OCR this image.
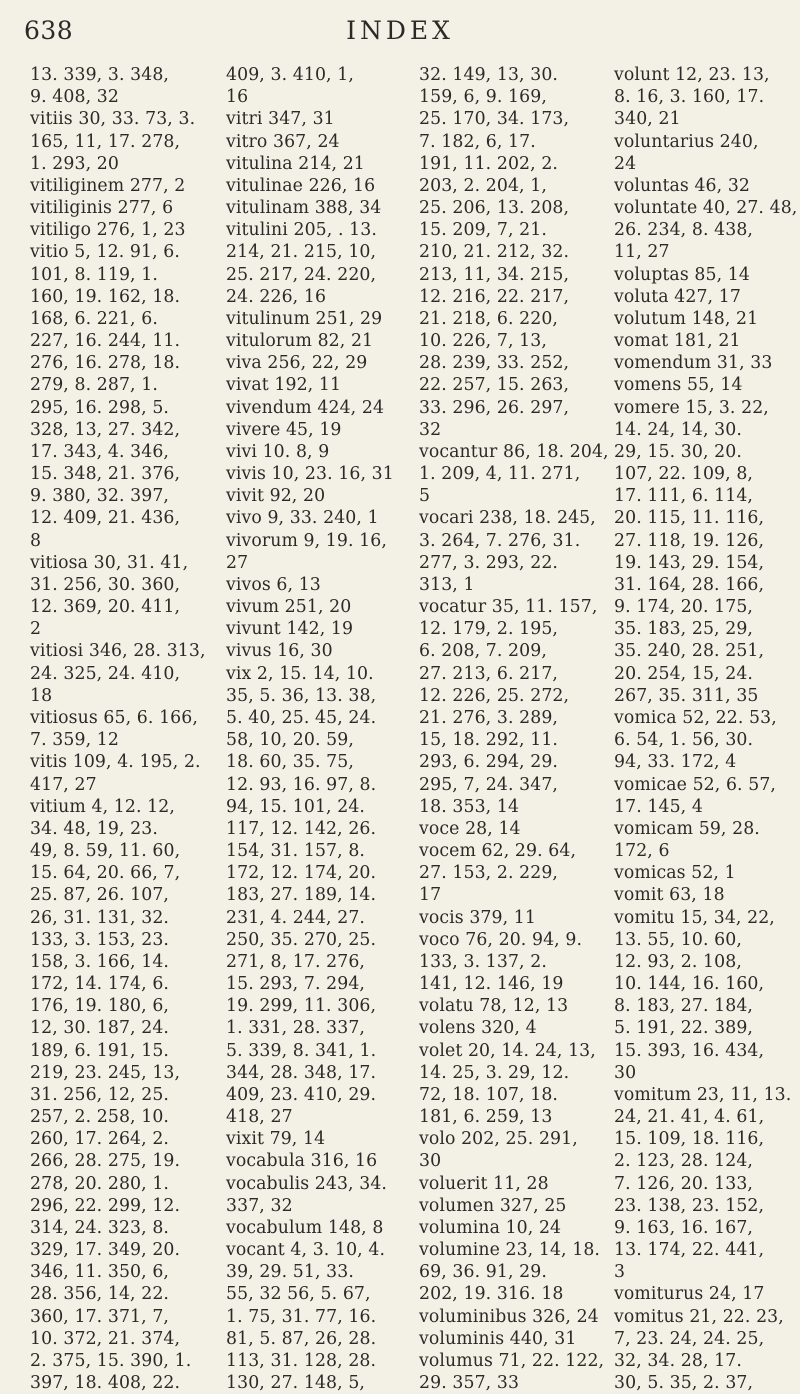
638	INDEX
13. 339, 3. 348,
9. 408, 32
vitiis 30, 33. 73, 3.
165, 11, 17. 278,
1. 293, 20
vitiliginem 277, 2
vitiliginis 277, 6
vitiligo 276, 1, 23
vitio 5, 12. 91, 6.
101, 8. 119, 1.
160, 19. 162, 18.
168, 6. 221, 6.
227, 16. 244, 11.
276, 16. 278, 18.
279, 8. 287, 1.
295, 16. 298, 5.
328, 13, 27. 342,
17. 343, 4. 346,
15. 348, 21. 376,
9. 380, 32. 397,
12. 409, 21. 436,
8
vitiosa 30, 31. 41,
31. 256, 30. 360,
12. 369, 20. 411,
2
vitiosi 346, 28. 313,
24. 325, 24. 410,
18
vitiosus 65, 6. 166,
7. 359, 12
vitis 109, 4. 195, 2.
417, 27
vitium 4, 12. 12,
34. 48, 19, 23.
49, 8. 59, 11. 60,
15. 64, 20. 66, 7,
25. 87, 26. 107,
26, 31. 131, 32.
133, 3. 153, 23.
158, 3. 166, 14.
172, 14. 174, 6.
176, 19. 180, 6,
12, 30. 187, 24.
189, 6. 191, 15.
219, 23. 245, 13,
31. 256, 12, 25.
257, 2. 258, 10.
260, 17. 264, 2.
266, 28. 275, 19.
278, 20. 280, 1.
296, 22. 299, 12.
314, 24. 323, 8.
329, 17. 349, 20.
346, 11. 350, 6,
28. 356, 14, 22.
360, 17. 371, 7,
10. 372, 21. 374,
2. 375, 15. 390, 1.
397, 18. 408, 22.
409, 3. 410, 1,
16
vitri 347, 31
vitro 367, 24
vitulina 214, 21
vitulinae 226, 16
vitulinam 388, 34
vitulini 205, . 13.
214, 21. 215, 10,
25. 217, 24. 220,
24. 226, 16
vitulinum 251, 29
vitulorum 82, 21
viva 256, 22, 29
vivat 192, 11
vivendum 424, 24
vivere 45, 19
vivi 10. 8, 9
vivis 10, 23. 16, 31
vivit 92, 20
vivo 9, 33. 240, 1
vivorum 9, 19. 16,
27
vivos 6, 13
vivum 251, 20
vivunt 142, 19
vivus 16, 30
vix 2, 15. 14, 10.
35, 5. 36, 13. 38,
5. 40, 25. 45, 24.
58, 10, 20. 59,
18. 60, 35. 75,
12. 93, 16. 97, 8.
94, 15. 101, 24.
117, 12. 142, 26.
154, 31. 157, 8.
172, 12. 174, 20.
183, 27. 189, 14.
231, 4. 244, 27.
250, 35. 270, 25.
271, 8, 17. 276,
15. 293, 7. 294,
19. 299, 11. 306,
1. 331, 28. 337,
5. 339, 8. 341, 1.
344, 28. 348, 17.
409, 23. 410, 29.
418, 27
vixit 79, 14
vocabula 316, 16
vocabulis 243, 34.
337, 32
vocabulum 148, 8
vocant 4, 3. 10, 4.
39, 29. 51, 33.
55, 32 56, 5. 67,
1. 75, 31. 77, 16.
81, 5. 87, 26, 28.
113, 31. 128, 28.
130, 27. 148, 5,
32. 149, 13, 30.
159, 6, 9. 169,
25. 170, 34. 173,
7. 182, 6, 17.
191, 11. 202, 2.
203, 2. 204, 1,
25. 206, 13. 208,
15. 209, 7, 21.
210, 21. 212, 32.
213, 11, 34. 215,
12. 216, 22. 217,
21. 218, 6. 220,
10. 226, 7, 13,
28. 239, 33. 252,
22. 257, 15. 263,
33. 296, 26. 297,
32
vocantur 86, 18. 204,
1. 209, 4, 11. 271,
5
vocari 238, 18. 245,
3. 264, 7. 276, 31.
277, 3. 293, 22.
313, 1
vocatur 35, 11. 157,
12. 179, 2. 195,
6. 208, 7. 209,
27. 213, 6. 217,
12. 226, 25. 272,
21. 276, 3. 289,
15, 18. 292, 11.
293, 6. 294, 29.
295, 7, 24. 347,
18. 353, 14
voce 28, 14
vocem 62, 29. 64,
27. 153, 2. 229,
17
vocis 379, 11
voco 76, 20. 94, 9.
133, 3. 137, 2.
141, 12. 146, 19
volatu 78, 12, 13
volens 320, 4
volet 20, 14. 24, 13,
14. 25, 3. 29, 12.
72, 18. 107, 18.
181, 6. 259, 13
volo 202, 25. 291,
30
voluerit 11, 28
volumen 327, 25
volumina 10, 24
volumine 23, 14, 18.
69, 36. 91, 29.
202, 19. 316. 18
voluminibus 326, 24
voluminis 440, 31
volumus 71, 22. 122,
29. 357, 33
volunt 12, 23. 13,
8. 16, 3. 160, 17.
340, 21
voluntarius 240,
24
voluntas 46, 32
voluntate 40, 27. 48,
26. 234, 8. 438,
11, 27
voluptas 85, 14
voluta 427, 17
volutum 148, 21
vomat 181, 21
vomendum 31, 33
vomens 55, 14
vomere 15, 3. 22,
14. 24, 14, 30.
29, 15. 30, 20.
107, 22. 109, 8,
17. 111, 6. 114,
20. 115, 11. 116,
27. 118, 19. 126,
19. 143, 29. 154,
31. 164, 28. 166,
9. 174, 20. 175,
35. 183, 25, 29,
35. 240, 28. 251,
20. 254, 15, 24.
267, 35. 311, 35
vomica 52, 22. 53,
6. 54, 1. 56, 30.
94, 33. 172, 4
vomicae 52, 6. 57,
17. 145, 4
vomicam 59, 28.
172, 6
vomicas 52, 1
vomit 63, 18
vomitu 15, 34, 22,
13. 55, 10. 60,
12. 93, 2. 108,
10. 144, 16. 160,
8. 183, 27. 184,
5. 191, 22. 389,
15. 393, 16. 434,
30
vomitum 23, 11, 13.
24, 21. 41, 4. 61,
15. 109, 18. 116,
2. 123, 28. 124,
7. 126, 20. 133,
23. 138, 23. 152,
9. 163, 16. 167,
13. 174, 22. 441,
3
vomiturus 24, 17
vomitus 21, 22. 23,
7, 23. 24, 24. 25,
32, 34. 28, 17.
30, 5. 35, 2. 37,
